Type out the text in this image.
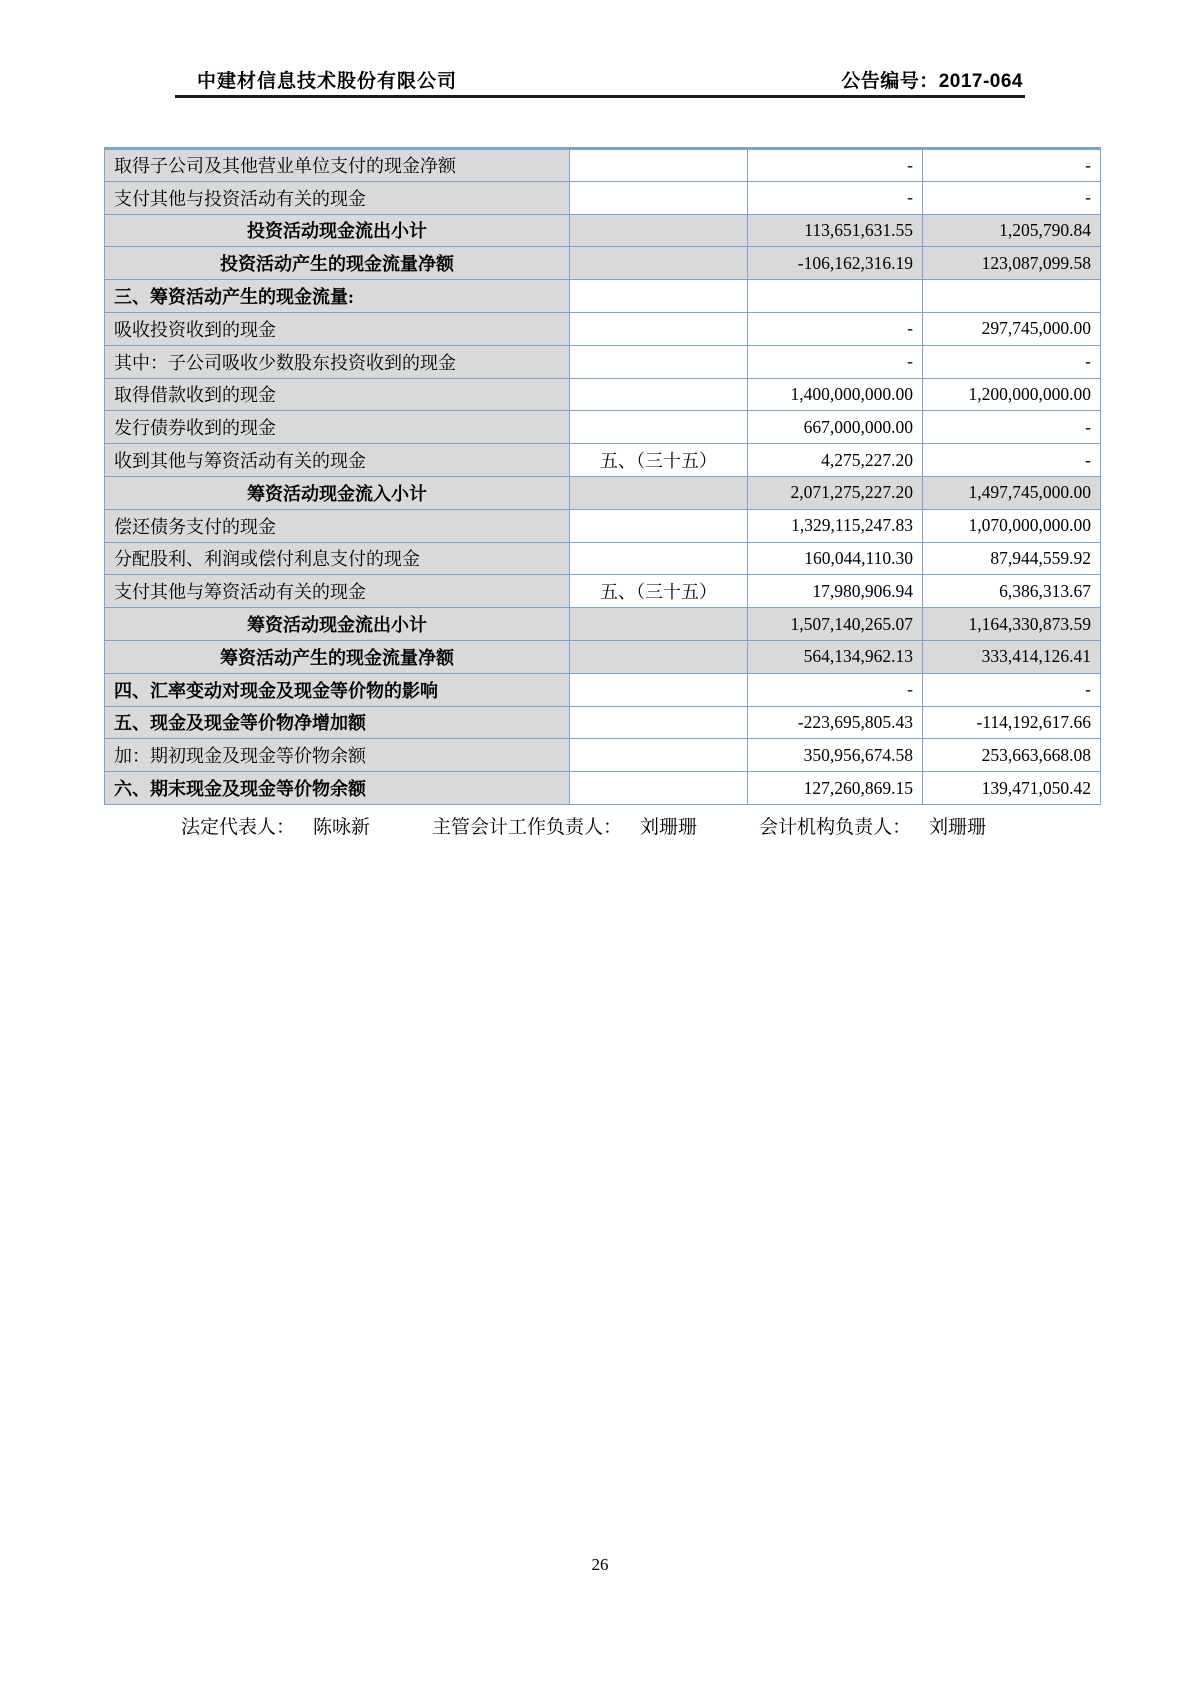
中建材信息技术股份有限公司	公告编号：2017-064
取得子公司及其他营业单位支付的现金净额		-	-
支付其他与投资活动有关的现金		-	-
投资活动现金流出小计		113,651,631.55	1,205,790.84
投资活动产生的现金流量净额		-106,162,316.19	123,087,099.58
三、筹资活动产生的现金流量:			
吸收投资收到的现金		-	297,745,000.00
其中：子公司吸收少数股东投资收到的现金		-	-
取得借款收到的现金		1,400,000,000.00	1,200,000,000.00
发行债券收到的现金		667,000,000.00	-
收到其他与筹资活动有关的现金	五、（三十五）	4,275,227.20	-
筹资活动现金流入小计		2,071,275,227.20	1,497,745,000.00
偿还债务支付的现金		1,329,115,247.83	1,070,000,000.00
分配股利、利润或偿付利息支付的现金		160,044,110.30	87,944,559.92
支付其他与筹资活动有关的现金	五、（三十五）	17,980,906.94	6,386,313.67
筹资活动现金流出小计		1,507,140,265.07	1,164,330,873.59
筹资活动产生的现金流量净额		564,134,962.13	333,414,126.41
四、汇率变动对现金及现金等价物的影响		-	-
五、现金及现金等价物净增加额		-223,695,805.43	-114,192,617.66
加：期初现金及现金等价物余额		350,956,674.58	253,663,668.08
六、期末现金及现金等价物余额		127,260,869.15	139,471,050.42
法定代表人： 陈咏新	主管会计工作负责人： 刘珊珊	会计机构负责人： 刘珊珊
26
